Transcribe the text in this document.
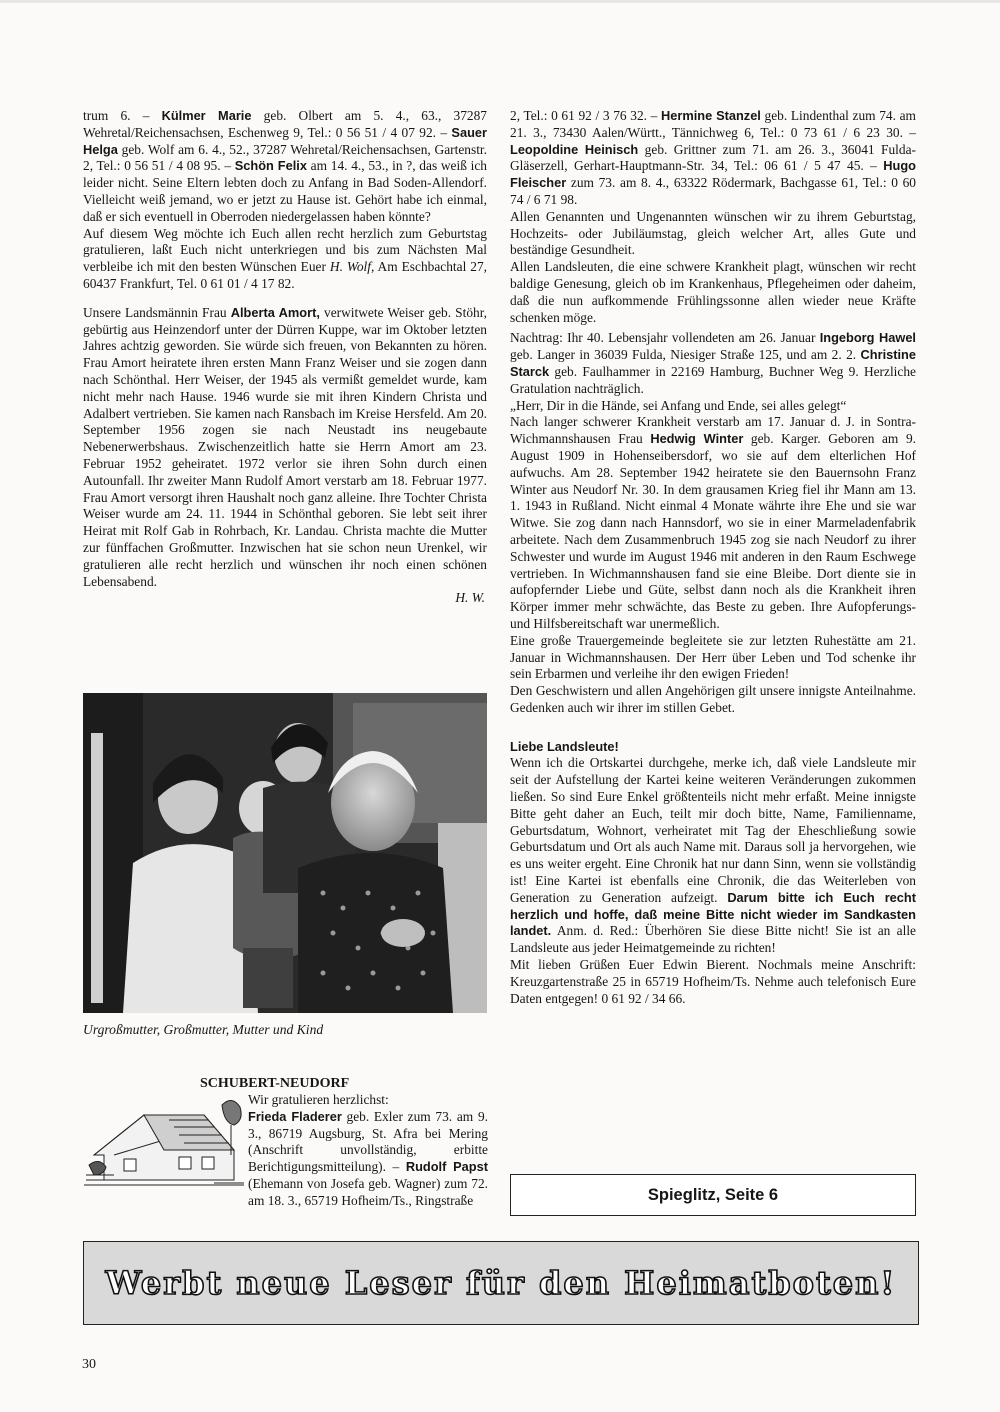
trum 6. – Külmer Marie geb. Olbert am 5. 4., 63., 37287 Wehretal/Reichensachsen, Eschenweg 9, Tel.: 0 56 51 / 4 07 92. – Sauer Helga geb. Wolf am 6. 4., 52., 37287 Wehretal/Reichensachsen, Gartenstr. 2, Tel.: 0 56 51 / 4 08 95. – Schön Felix am 14. 4., 53., in ?, das weiß ich leider nicht. Seine Eltern lebten doch zu Anfang in Bad Soden-Allendorf. Vielleicht weiß jemand, wo er jetzt zu Hause ist. Gehört habe ich einmal, daß er sich eventuell in Oberroden niedergelassen haben könnte?

Auf diesem Weg möchte ich Euch allen recht herzlich zum Geburtstag gratulieren, laßt Euch nicht unterkriegen und bis zum Nächsten Mal verbleibe ich mit den besten Wünschen Euer H. Wolf, Am Eschbachtal 27, 60437 Frankfurt, Tel. 0 61 01 / 4 17 82.

Unsere Landsmännin Frau Alberta Amort, verwitwete Weiser geb. Stöhr, gebürtig aus Heinzendorf unter der Dürren Kuppe, war im Oktober letzten Jahres achtzig geworden. Sie würde sich freuen, von Bekannten zu hören. Frau Amort heiratete ihren ersten Mann Franz Weiser und sie zogen dann nach Schönthal. Herr Weiser, der 1945 als vermißt gemeldet wurde, kam nicht mehr nach Hause. 1946 wurde sie mit ihren Kindern Christa und Adalbert vertrieben. Sie kamen nach Ransbach im Kreise Hersfeld. Am 20. September 1956 zogen sie nach Neustadt ins neugebaute Nebenerwerbshaus. Zwischenzeitlich hatte sie Herrn Amort am 23. Februar 1952 geheiratet. 1972 verlor sie ihren Sohn durch einen Autounfall. Ihr zweiter Mann Rudolf Amort verstarb am 18. Februar 1977. Frau Amort versorgt ihren Haushalt noch ganz alleine. Ihre Tochter Christa Weiser wurde am 24. 11. 1944 in Schönthal geboren. Sie lebt seit ihrer Heirat mit Rolf Gab in Rohrbach, Kr. Landau. Christa machte die Mutter zur fünffachen Großmutter. Inzwischen hat sie schon neun Urenkel, wir gratulieren alle recht herzlich und wünschen ihr noch einen schönen Lebensabend.

H. W.
Urgroßmutter, Großmutter, Mutter und Kind
SCHUBERT-NEUDORF
Wir gratulieren herzlichst:
Frieda Fladerer geb. Exler zum 73. am 9. 3., 86719 Augsburg, St. Afra bei Mering (Anschrift unvollständig, erbitte Berichtigungsmitteilung). – Rudolf Papst (Ehemann von Josefa geb. Wagner) zum 72. am 18. 3., 65719 Hofheim/Ts., Ringstraße

2, Tel.: 0 61 92 / 3 76 32. – Hermine Stanzel geb. Lindenthal zum 74. am 21. 3., 73430 Aalen/Württ., Tännichweg 6, Tel.: 0 73 61 / 6 23 30. – Leopoldine Heinisch geb. Grittner zum 71. am 26. 3., 36041 Fulda-Gläserzell, Gerhart-Hauptmann-Str. 34, Tel.: 06 61 / 5 47 45. – Hugo Fleischer zum 73. am 8. 4., 63322 Rödermark, Bachgasse 61, Tel.: 0 60 74 / 6 71 98.

Allen Genannten und Ungenannten wünschen wir zu ihrem Geburtstag, Hochzeits- oder Jubiläumstag, gleich welcher Art, alles Gute und beständige Gesundheit.

Allen Landsleuten, die eine schwere Krankheit plagt, wünschen wir recht baldige Genesung, gleich ob im Krankenhaus, Pflegeheimen oder daheim, daß die nun aufkommende Frühlingssonne allen wieder neue Kräfte schenken möge.

Nachtrag: Ihr 40. Lebensjahr vollendeten am 26. Januar Ingeborg Hawel geb. Langer in 36039 Fulda, Niesiger Straße 125, und am 2. 2. Christine Starck geb. Faulhammer in 22169 Hamburg, Buchner Weg 9. Herzliche Gratulation nachträglich.

„Herr, Dir in die Hände, sei Anfang und Ende, sei alles gelegt“

Nach langer schwerer Krankheit verstarb am 17. Januar d. J. in Sontra-Wichmannshausen Frau Hedwig Winter geb. Karger. Geboren am 9. August 1909 in Hohenseibersdorf, wo sie auf dem elterlichen Hof aufwuchs. Am 28. September 1942 heiratete sie den Bauernsohn Franz Winter aus Neudorf Nr. 30. In dem grausamen Krieg fiel ihr Mann am 13. 1. 1943 in Rußland. Nicht einmal 4 Monate währte ihre Ehe und sie war Witwe. Sie zog dann nach Hannsdorf, wo sie in einer Marmeladenfabrik arbeitete. Nach dem Zusammenbruch 1945 zog sie nach Neudorf zu ihrer Schwester und wurde im August 1946 mit anderen in den Raum Eschwege vertrieben. In Wichmannshausen fand sie eine Bleibe. Dort diente sie in aufopfernder Liebe und Güte, selbst dann noch als die Krankheit ihren Körper immer mehr schwächte, das Beste zu geben. Ihre Aufopferungs- und Hilfsbereitschaft war unermeßlich.

Eine große Trauergemeinde begleitete sie zur letzten Ruhestätte am 21. Januar in Wichmannshausen. Der Herr über Leben und Tod schenke ihr sein Erbarmen und verleihe ihr den ewigen Frieden!

Den Geschwistern und allen Angehörigen gilt unsere innigste Anteilnahme. Gedenken auch wir ihrer im stillen Gebet.

Liebe Landsleute!

Wenn ich die Ortskartei durchgehe, merke ich, daß viele Landsleute mir seit der Aufstellung der Kartei keine weiteren Veränderungen zukommen ließen. So sind Eure Enkel größtenteils nicht mehr erfaßt. Meine innigste Bitte geht daher an Euch, teilt mir doch bitte, Name, Familienname, Geburtsdatum, Wohnort, verheiratet mit Tag der Eheschließung sowie Geburtsdatum und Ort als auch Name mit. Daraus soll ja hervorgehen, wie es uns weiter ergeht. Eine Chronik hat nur dann Sinn, wenn sie vollständig ist! Eine Kartei ist ebenfalls eine Chronik, die das Weiterleben von Generation zu Generation aufzeigt. Darum bitte ich Euch recht herzlich und hoffe, daß meine Bitte nicht wieder im Sandkasten landet. Anm. d. Red.: Überhören Sie diese Bitte nicht! Sie ist an alle Landsleute aus jeder Heimatgemeinde zu richten!

Mit lieben Grüßen Euer Edwin Bierent. Nochmals meine Anschrift: Kreuzgartenstraße 25 in 65719 Hofheim/Ts. Nehme auch telefonisch Eure Daten entgegen! 0 61 92 / 34 66.

Spieglitz, Seite 6
Werbt neue Leser für den Heimatboten!
30
